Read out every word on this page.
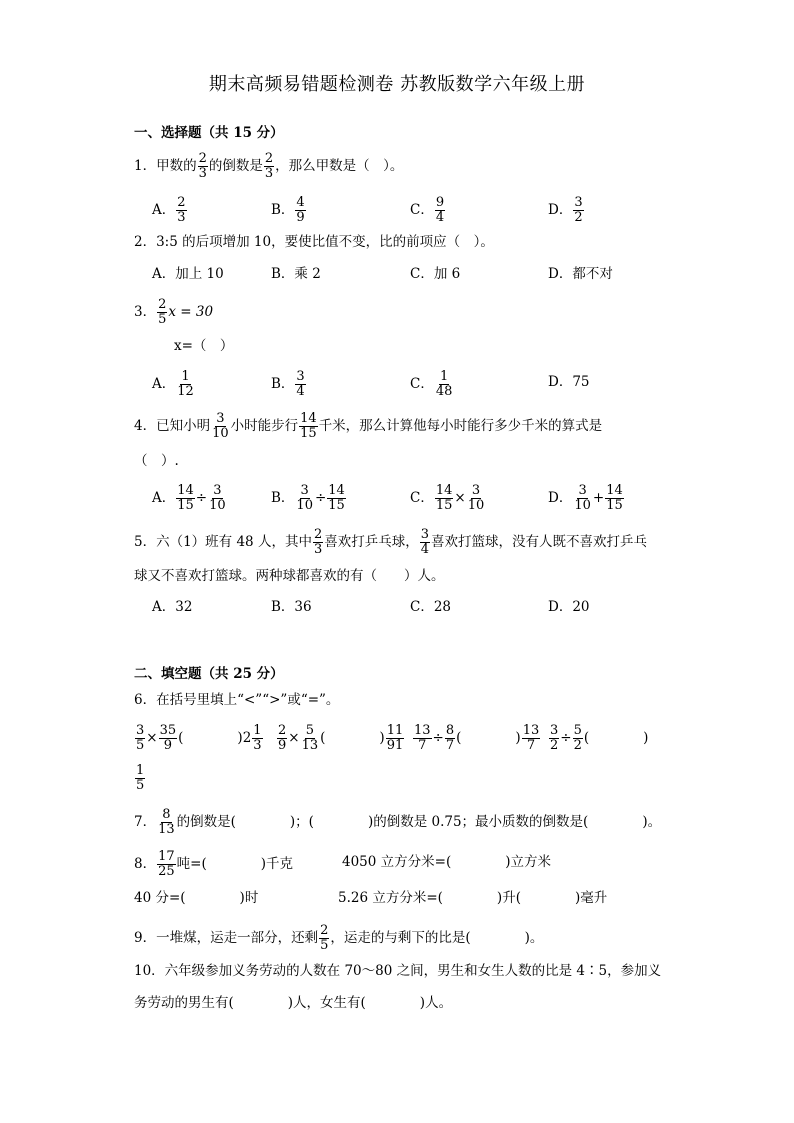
期末高频易错题检测卷 苏教版数学六年级上册
一、选择题（共 15 分）
1．甲数的 $\frac{2}{3}$ 的倒数是 $\frac{2}{3}$ ，那么甲数是（　）。
A． $\frac{2}{3}$	B． $\frac{4}{9}$	C． $\frac{9}{4}$	D． $\frac{3}{2}$
2．3:5 的后项增加 10，要使比值不变，比的前项应（　）。
A．加上 10	B．乘 2	C．加 6	D．都不对
3． $\frac{2}{5}$ x = 30
x=（　）
A． $\frac{1}{12}$	B． $\frac{3}{4}$	C． $\frac{1}{48}$	D．75
4．已知小明 $\frac{3}{10}$ 小时能步行 $\frac{14}{15}$ 千米，那么计算他每小时能行多少千米的算式是
（　）.
A． $\frac{14}{15} \div \frac{3}{10}$	B． $\frac{3}{10} \div \frac{14}{15}$	C． $\frac{14}{15} \times \frac{3}{10}$	D． $\frac{3}{10} + \frac{14}{15}$
5．六（1）班有 48 人，其中 $\frac{2}{3}$ 喜欢打乒乓球， $\frac{3}{4}$ 喜欢打篮球，没有人既不喜欢打乒乓
球又不喜欢打篮球。两种球都喜欢的有（　　）人。
A．32	B．36	C．28	D．20
二、填空题（共 25 分）
6．在括号里填上“<”“>”或“=”。
$\frac{3}{5} \times \frac{35}{9}$ (　　　　)$2 \frac{1}{3} \frac{2}{9} \times \frac{5}{13}$ (　　　　) $\frac{11}{91} \frac{13}{7} \div \frac{8}{7}$ (　　　　) $\frac{13}{7} \frac{3}{2} \div \frac{5}{2}$ (　　　　)
$\frac{1}{5}$
7． $\frac{8}{13}$ 的倒数是(　　　　)；(　　　　)的倒数是 0.75；最小质数的倒数是(　　　　)。
8． $\frac{17}{25}$ 吨=(　　　　)千克	4050 立方分米=(　　　　)立方米
40 分=(　　　　)时	5.26 立方分米=(　　　　)升(　　　　)毫升
9．一堆煤，运走一部分，还剩 $\frac{2}{5}$ ，运走的与剩下的比是(　　　　)。
10．六年级参加义务劳动的人数在 70～80 之间，男生和女生人数的比是 4∶5，参加义
务劳动的男生有(　　　　)人，女生有(　　　　)人。
